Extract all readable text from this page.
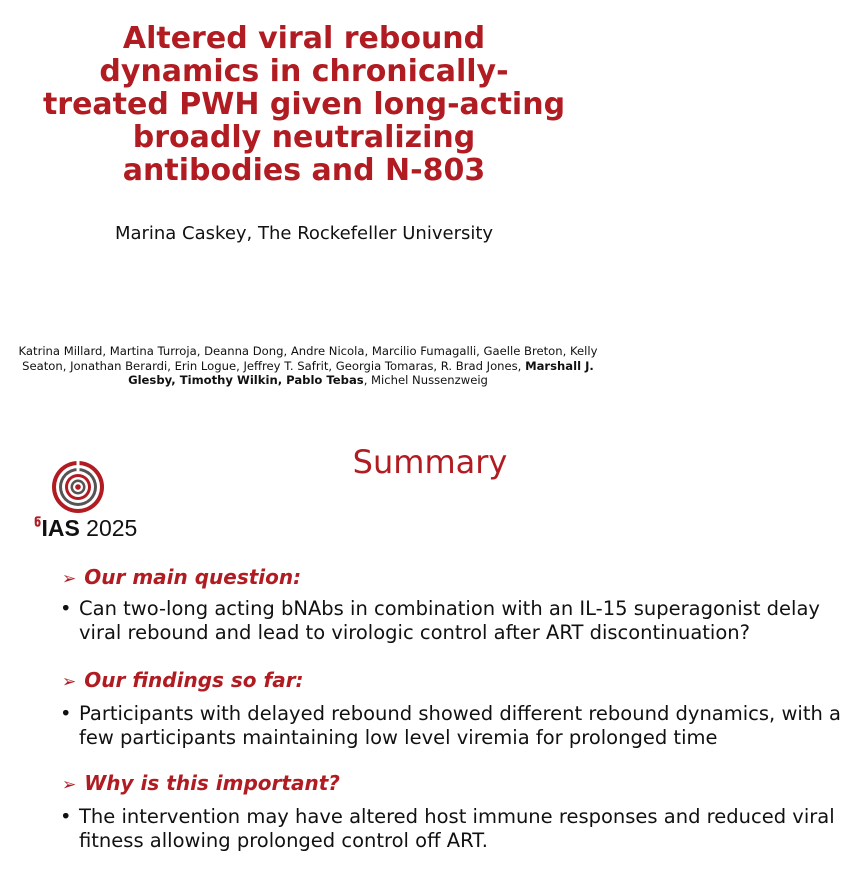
Altered viral rebound dynamics in chronically-treated PWH given long-acting broadly neutralizing antibodies and N-803
Marina Caskey, The Rockefeller University
Katrina Millard, Martina Turroja, Deanna Dong, Andre Nicola, Marcilio Fumagalli, Gaelle Breton, Kelly Seaton, Jonathan Berardi, Erin Logue, Jeffrey T. Safrit, Georgia Tomaras, R. Brad Jones, Marshall J. Glesby, Timothy Wilkin, Pablo Tebas, Michel Nussenzweig
ჼIAS 2025
Summary
➢ Our main question:
• Can two-long acting bNAbs in combination with an IL-15 superagonist delay viral rebound and lead to virologic control after ART discontinuation?
➢ Our findings so far:
• Participants with delayed rebound showed different rebound dynamics, with a few participants maintaining low level viremia for prolonged time
➢ Why is this important?
• The intervention may have altered host immune responses and reduced viral fitness allowing prolonged control off ART.
